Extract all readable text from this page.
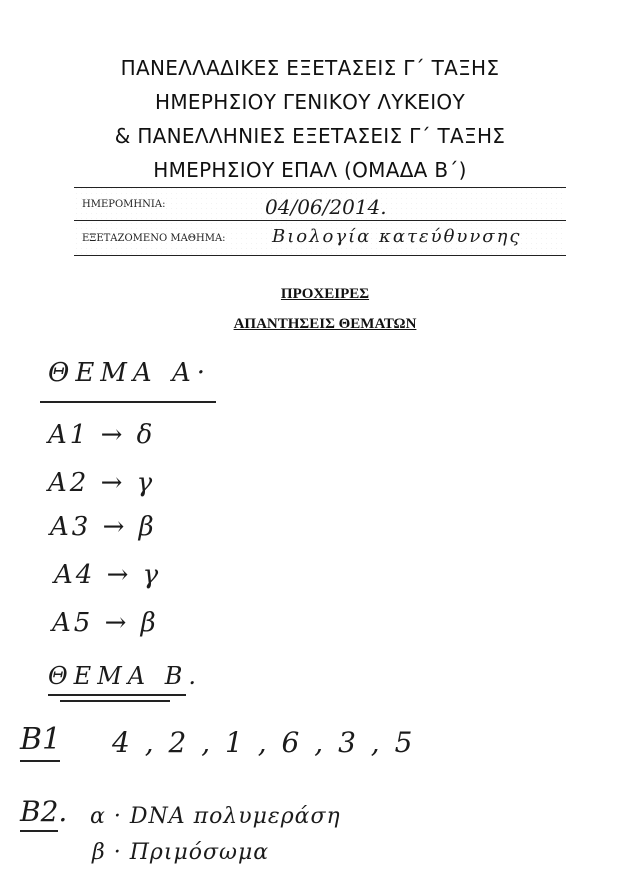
ΠΑΝΕΛΛΑΔΙΚΕΣ ΕΞΕΤΑΣΕΙΣ Γ΄ ΤΑΞΗΣ
ΗΜΕΡΗΣΙΟΥ ΓΕΝΙΚΟΥ ΛΥΚΕΙΟΥ
& ΠΑΝΕΛΛΗΝΙΕΣ ΕΞΕΤΑΣΕΙΣ Γ΄ ΤΑΞΗΣ
ΗΜΕΡΗΣΙΟΥ ΕΠΑΛ (ΟΜΑΔΑ Β΄)
ΗΜΕΡΟΜΗΝΙΑ:	04/06/2014.
ΕΞΕΤΑΖΟΜΕΝΟ ΜΑΘΗΜΑ:	Βιολογία κατεύθυνσης
ΠΡΟΧΕΙΡΕΣ
ΑΠΑΝΤΗΣΕΙΣ ΘΕΜΑΤΩΝ
ΘΕΜΑ Α·
Α1 → δ
Α2 → γ
Α3 → β
Α4 → γ
Α5 → β
ΘΕΜΑ Β.
Β1 4 , 2 , 1 , 6 , 3 , 5
Β2. α · DNA πολυμεράση
β · Πριμόσωμα
